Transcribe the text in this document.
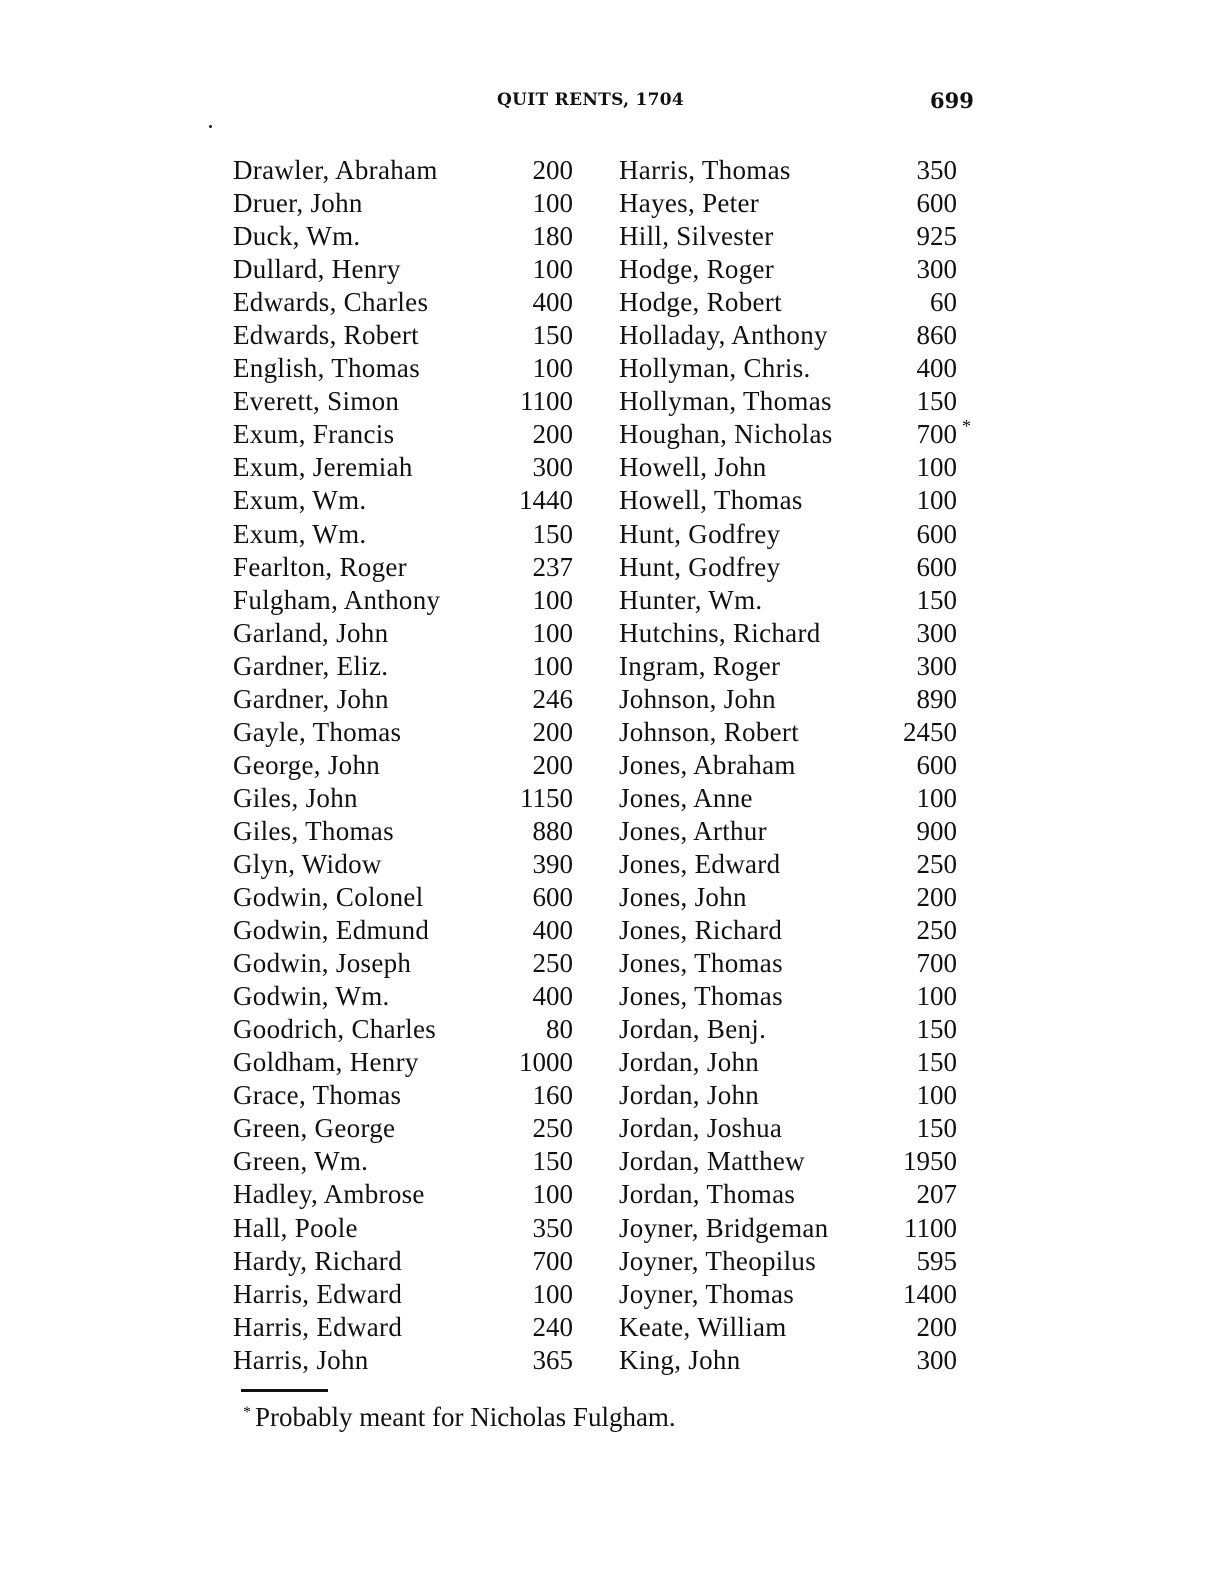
QUIT RENTS, 1704	699
Drawler, Abraham	200
Druer, John	100
Duck, Wm.	180
Dullard, Henry	100
Edwards, Charles	400
Edwards, Robert	150
English, Thomas	100
Everett, Simon	1100
Exum, Francis	200
Exum, Jeremiah	300
Exum, Wm.	1440
Exum, Wm.	150
Fearlton, Roger	237
Fulgham, Anthony	100
Garland, John	100
Gardner, Eliz.	100
Gardner, John	246
Gayle, Thomas	200
George, John	200
Giles, John	1150
Giles, Thomas	880
Glyn, Widow	390
Godwin, Colonel	600
Godwin, Edmund	400
Godwin, Joseph	250
Godwin, Wm.	400
Goodrich, Charles	80
Goldham, Henry	1000
Grace, Thomas	160
Green, George	250
Green, Wm.	150
Hadley, Ambrose	100
Hall, Poole	350
Hardy, Richard	700
Harris, Edward	100
Harris, Edward	240
Harris, John	365
Harris, Thomas	350
Hayes, Peter	600
Hill, Silvester	925
Hodge, Roger	300
Hodge, Robert	60
Holladay, Anthony	860
Hollyman, Chris.	400
Hollyman, Thomas	150
Houghan, Nicholas	700 *
Howell, John	100
Howell, Thomas	100
Hunt, Godfrey	600
Hunt, Godfrey	600
Hunter, Wm.	150
Hutchins, Richard	300
Ingram, Roger	300
Johnson, John	890
Johnson, Robert	2450
Jones, Abraham	600
Jones, Anne	100
Jones, Arthur	900
Jones, Edward	250
Jones, John	200
Jones, Richard	250
Jones, Thomas	700
Jones, Thomas	100
Jordan, Benj.	150
Jordan, John	150
Jordan, John	100
Jordan, Joshua	150
Jordan, Matthew	1950
Jordan, Thomas	207
Joyner, Bridgeman	1100
Joyner, Theopilus	595
Joyner, Thomas	1400
Keate, William	200
King, John	300
* Probably meant for Nicholas Fulgham.
